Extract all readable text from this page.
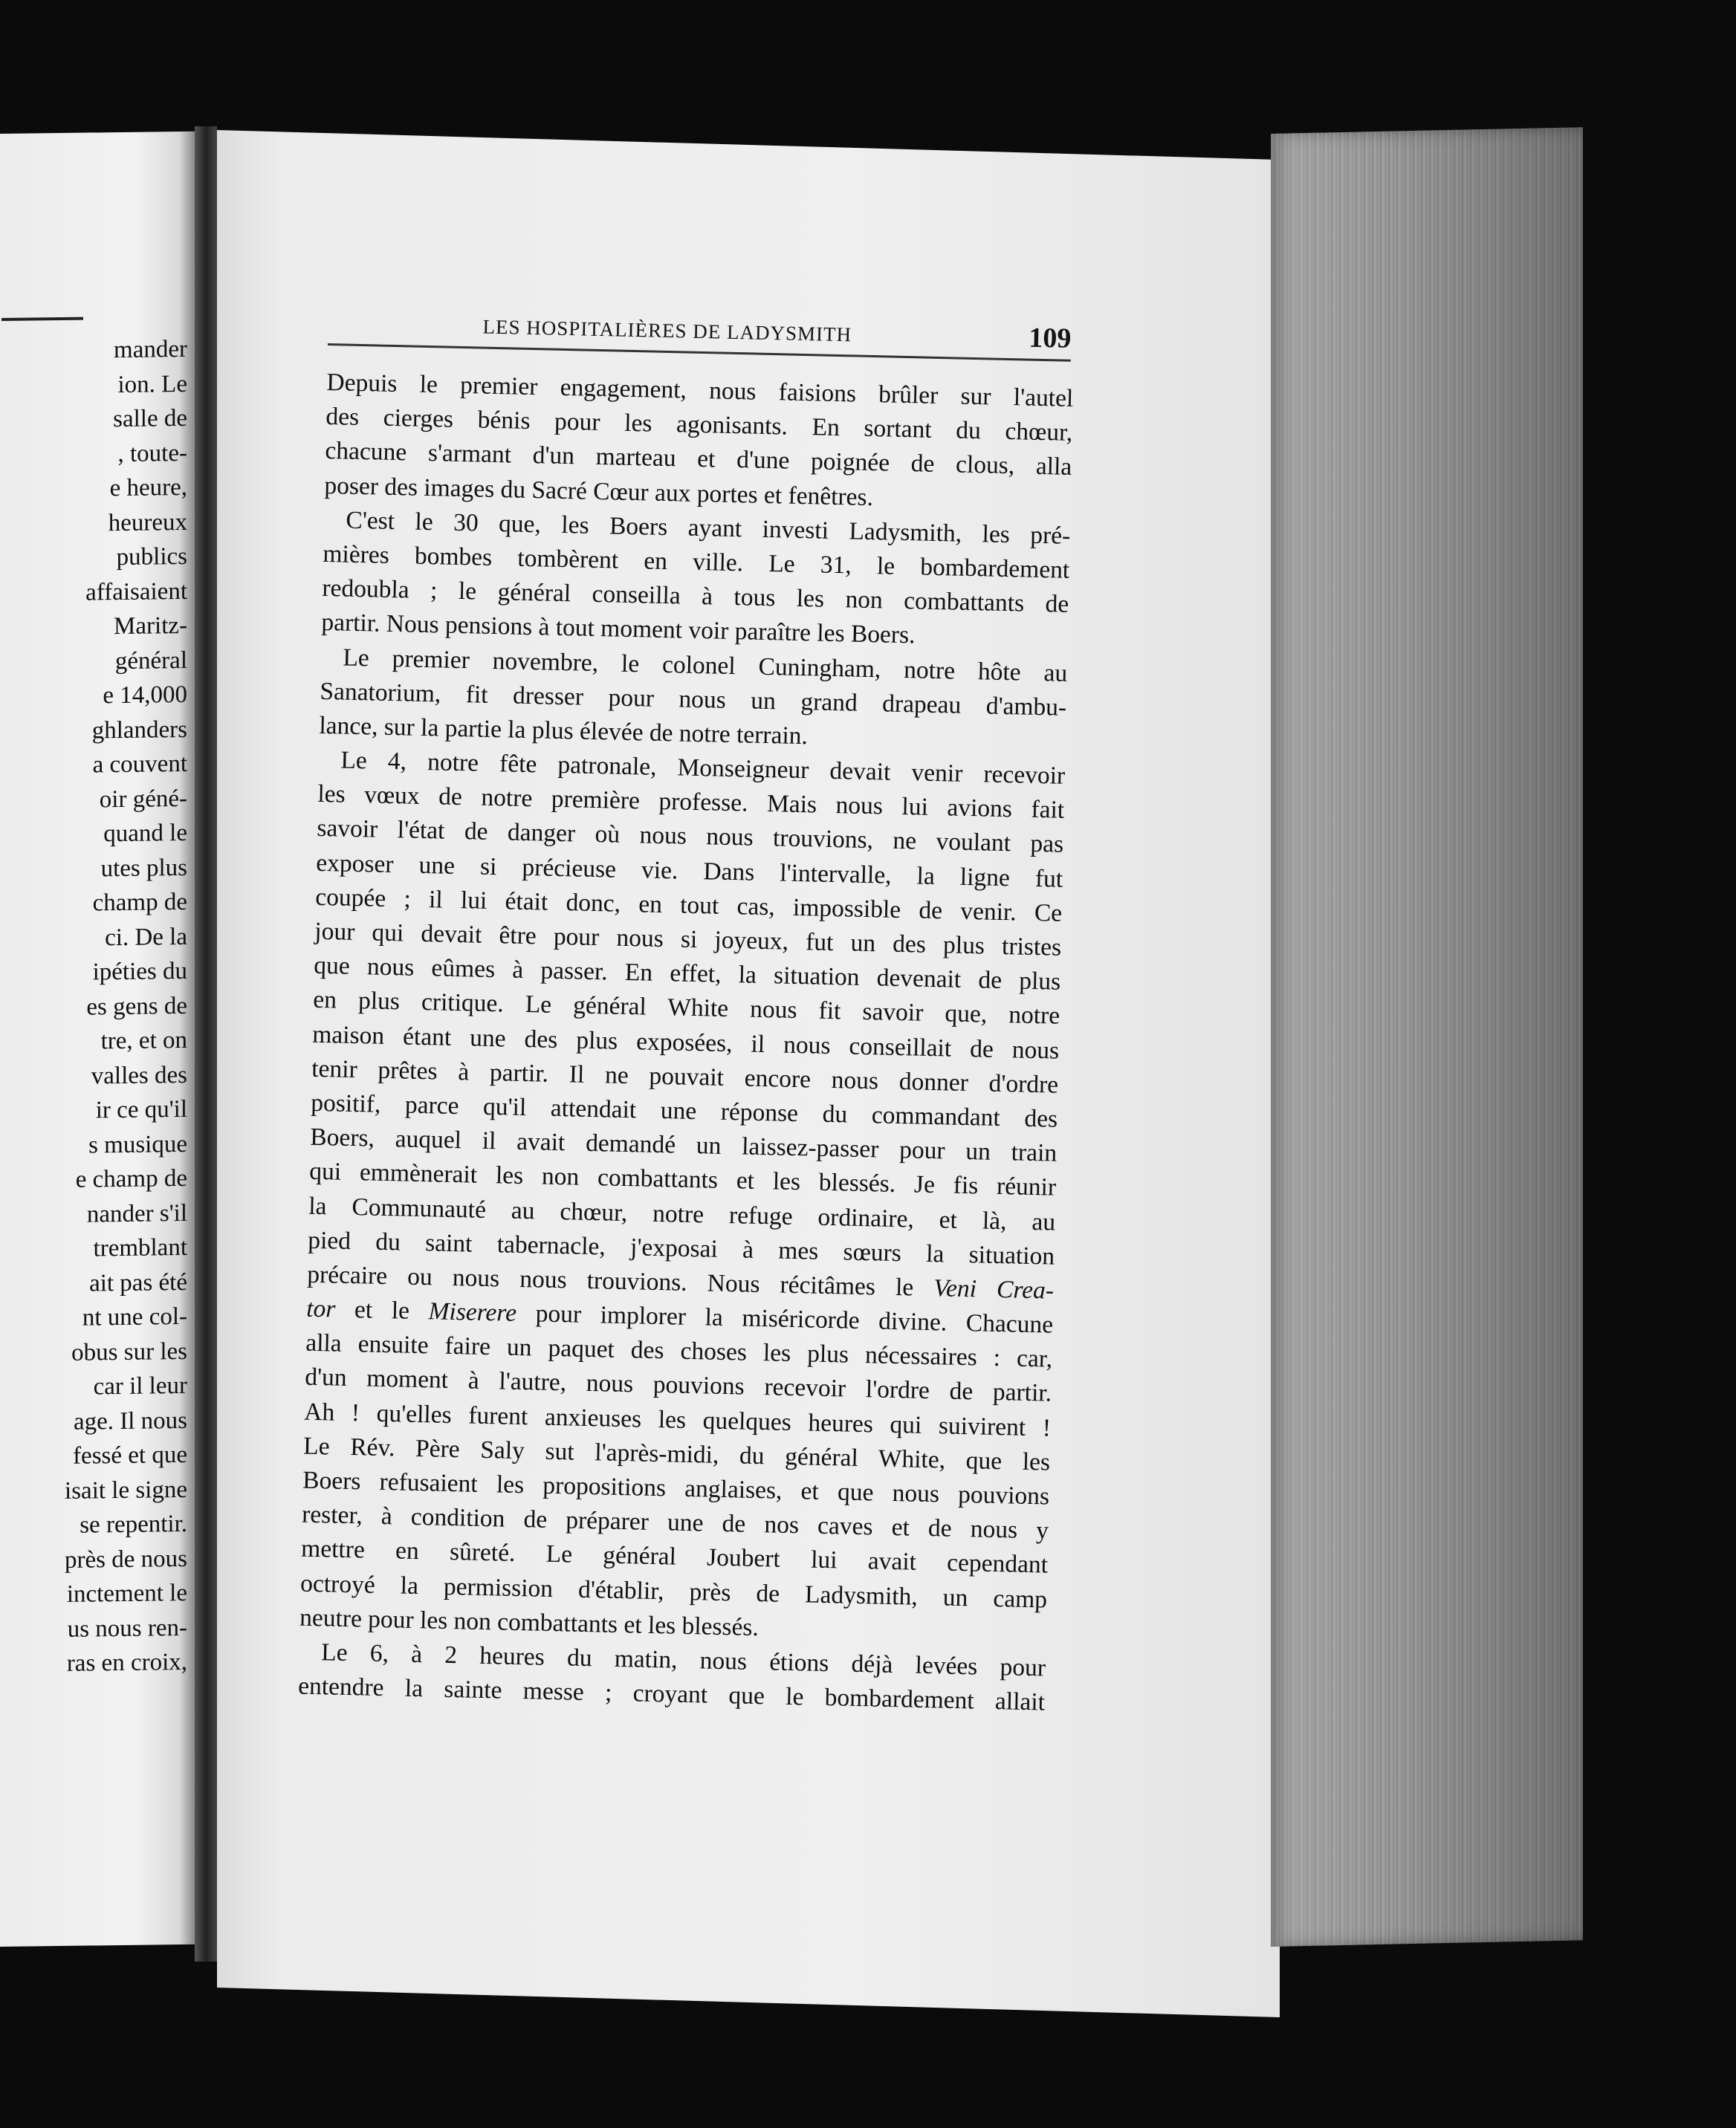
mander
ion. Le
salle de
, toute-
e heure,
heureux
publics
affaisaient
Maritz-
général
e 14,000
ghlanders
a couvent
oir géné-
quand le
utes plus
champ de
ci. De la
ipéties du
es gens de
tre, et on
valles des
ir ce qu'il
s musique
e champ de
nander s'il
tremblant
ait pas été
nt une col-
obus sur les
car il leur
age. Il nous
fessé et que
isait le signe
se repentir.
près de nous
inctement le
us nous ren-
ras en croix,
LES HOSPITALIÈRES DE LADYSMITH	109
Depuis le premier engagement, nous faisions brûler sur l'autel
des cierges bénis pour les agonisants. En sortant du chœur,
chacune s'armant d'un marteau et d'une poignée de clous, alla
poser des images du Sacré Cœur aux portes et fenêtres.
C'est le 30 que, les Boers ayant investi Ladysmith, les pré-
mières bombes tombèrent en ville. Le 31, le bombardement
redoubla ; le général conseilla à tous les non combattants de
partir. Nous pensions à tout moment voir paraître les Boers.
Le premier novembre, le colonel Cuningham, notre hôte au
Sanatorium, fit dresser pour nous un grand drapeau d'ambu-
lance, sur la partie la plus élevée de notre terrain.
Le 4, notre fête patronale, Monseigneur devait venir recevoir
les vœux de notre première professe. Mais nous lui avions fait
savoir l'état de danger où nous nous trouvions, ne voulant pas
exposer une si précieuse vie. Dans l'intervalle, la ligne fut
coupée ; il lui était donc, en tout cas, impossible de venir. Ce
jour qui devait être pour nous si joyeux, fut un des plus tristes
que nous eûmes à passer. En effet, la situation devenait de plus
en plus critique. Le général White nous fit savoir que, notre
maison étant une des plus exposées, il nous conseillait de nous
tenir prêtes à partir. Il ne pouvait encore nous donner d'ordre
positif, parce qu'il attendait une réponse du commandant des
Boers, auquel il avait demandé un laissez-passer pour un train
qui emmènerait les non combattants et les blessés. Je fis réunir
la Communauté au chœur, notre refuge ordinaire, et là, au
pied du saint tabernacle, j'exposai à mes sœurs la situation
précaire ou nous nous trouvions. Nous récitâmes le Veni Crea-
tor et le Miserere pour implorer la miséricorde divine. Chacune
alla ensuite faire un paquet des choses les plus nécessaires : car,
d'un moment à l'autre, nous pouvions recevoir l'ordre de partir.
Ah ! qu'elles furent anxieuses les quelques heures qui suivirent !
Le Rév. Père Saly sut l'après-midi, du général White, que les
Boers refusaient les propositions anglaises, et que nous pouvions
rester, à condition de préparer une de nos caves et de nous y
mettre en sûreté. Le général Joubert lui avait cependant
octroyé la permission d'établir, près de Ladysmith, un camp
neutre pour les non combattants et les blessés.
Le 6, à 2 heures du matin, nous étions déjà levées pour
entendre la sainte messe ; croyant que le bombardement allait
